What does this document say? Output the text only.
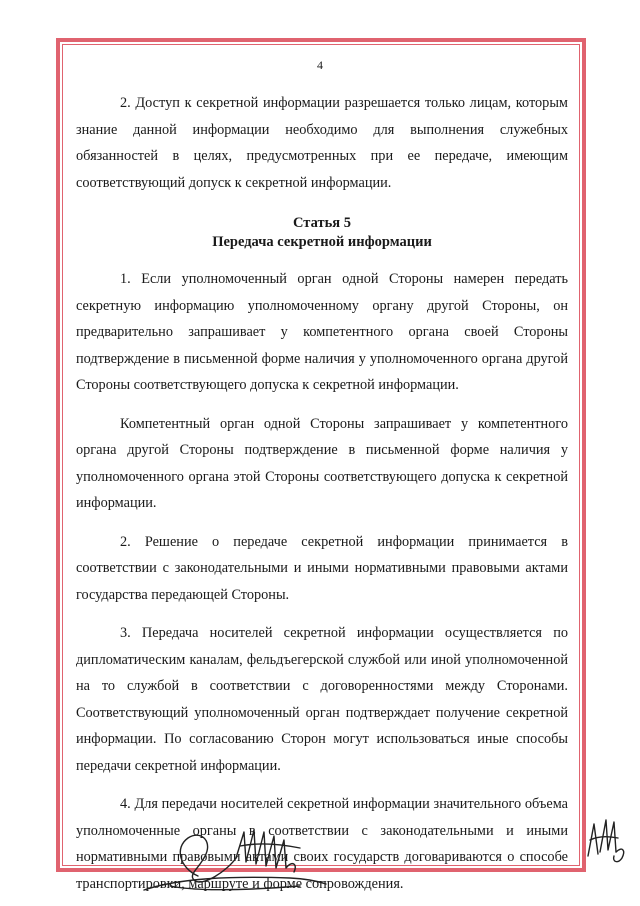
4

2. Доступ к секретной информации разрешается только лицам, которым знание данной информации необходимо для выполнения служебных обязанностей в целях, предусмотренных при ее передаче, имеющим соответствующий допуск к секретной информации.

Статья 5
Передача секретной информации

1. Если уполномоченный орган одной Стороны намерен передать секретную информацию уполномоченному органу другой Стороны, он предварительно запрашивает у компетентного органа своей Стороны подтверждение в письменной форме наличия у уполномоченного органа другой Стороны соответствующего допуска к секретной информации.

Компетентный орган одной Стороны запрашивает у компетентного органа другой Стороны подтверждение в письменной форме наличия у уполномоченного органа этой Стороны соответствующего допуска к секретной информации.

2. Решение о передаче секретной информации принимается в соответствии с законодательными и иными нормативными правовыми актами государства передающей Стороны.

3. Передача носителей секретной информации осуществляется по дипломатическим каналам, фельдъегерской службой или иной уполномоченной на то службой в соответствии с договоренностями между Сторонами. Соответствующий уполномоченный орган подтверждает получение секретной информации. По согласованию Сторон могут использоваться иные способы передачи секретной информации.

4. Для передачи носителей секретной информации значительного объема уполномоченные органы в соответствии с законодательными и иными нормативными правовыми актами своих государств договариваются о способе транспортировки, маршруте и форме сопровождения.
